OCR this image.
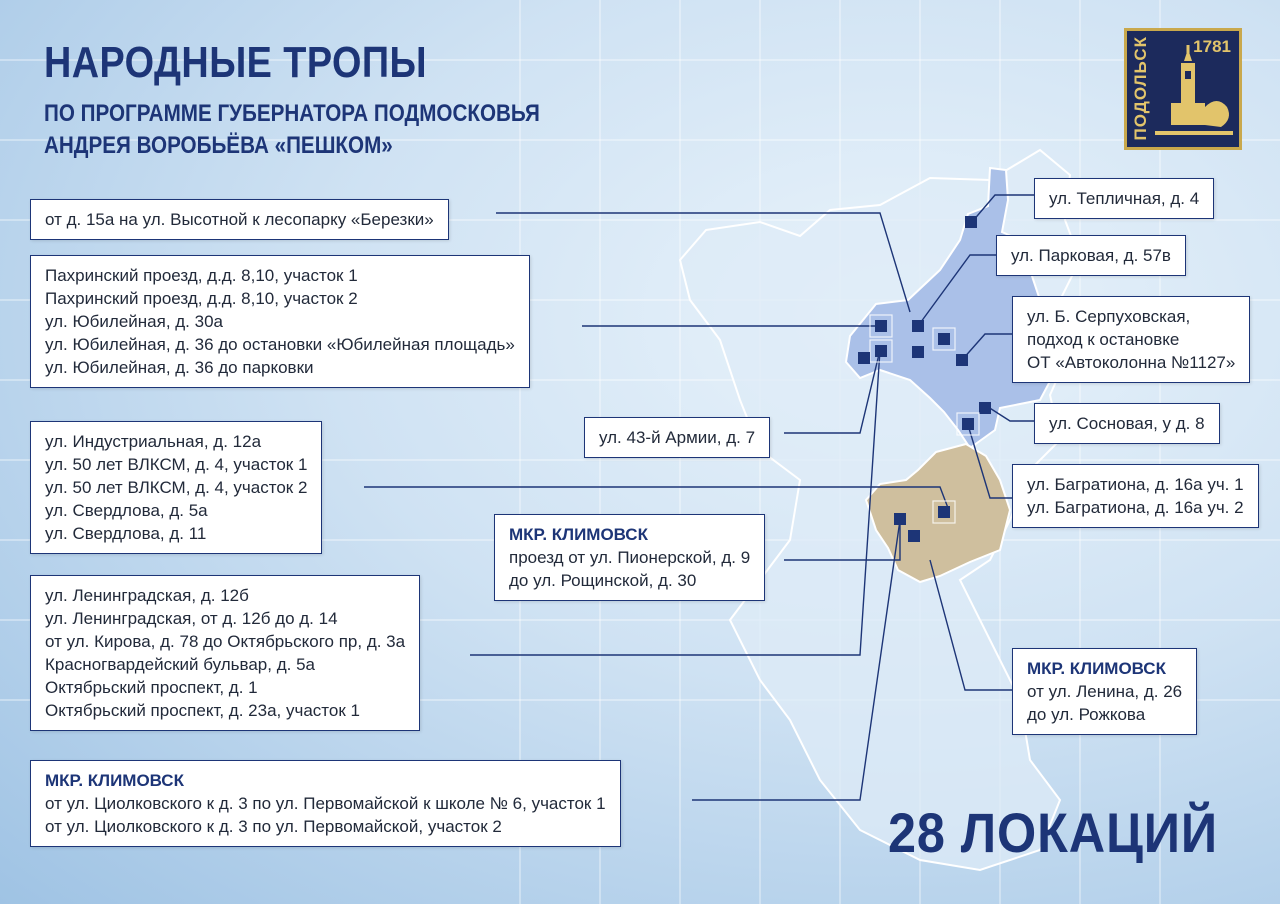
НАРОДНЫЕ ТРОПЫ
ПО ПРОГРАММЕ ГУБЕРНАТОРА ПОДМОСКОВЬЯ
АНДРЕЯ ВОРОБЬЁВА «ПЕШКОМ»
ПОДОЛЬСК	1781
от д. 15а на ул. Высотной к лесопарку «Березки»
Пахринский проезд, д.д. 8,10, участок 1
Пахринский проезд, д.д. 8,10, участок 2
ул. Юбилейная, д. 30а
ул. Юбилейная, д. 36 до остановки «Юбилейная площадь»
ул. Юбилейная, д. 36 до парковки
ул. Индустриальная, д. 12а
ул. 50 лет ВЛКСМ, д. 4, участок 1
ул. 50 лет ВЛКСМ, д. 4, участок 2
ул. Свердлова, д. 5а
ул. Свердлова, д. 11
ул. Ленинградская, д. 12б
ул. Ленинградская, от д. 12б до д. 14
от ул. Кирова, д. 78 до Октябрьского пр, д. 3а
Красногвардейский бульвар, д. 5а
Октябрьский проспект, д. 1
Октябрьский проспект, д. 23а, участок 1
МКР. КЛИМОВСК
от ул. Циолковского к д. 3 по ул. Первомайской к школе № 6, участок 1
от ул. Циолковского к д. 3 по ул. Первомайской, участок 2
ул. 43-й Армии, д. 7
МКР. КЛИМОВСК
проезд от ул. Пионерской, д. 9
до ул. Рощинской, д. 30
ул. Тепличная, д. 4
ул. Парковая, д. 57в
ул. Б. Серпуховская,
подход к остановке
ОТ «Автоколонна №1127»
ул. Сосновая, у д. 8
ул. Багратиона, д. 16а уч. 1
ул. Багратиона, д. 16а уч. 2
МКР. КЛИМОВСК
от ул. Ленина, д. 26
до ул. Рожкова
28 ЛОКАЦИЙ
